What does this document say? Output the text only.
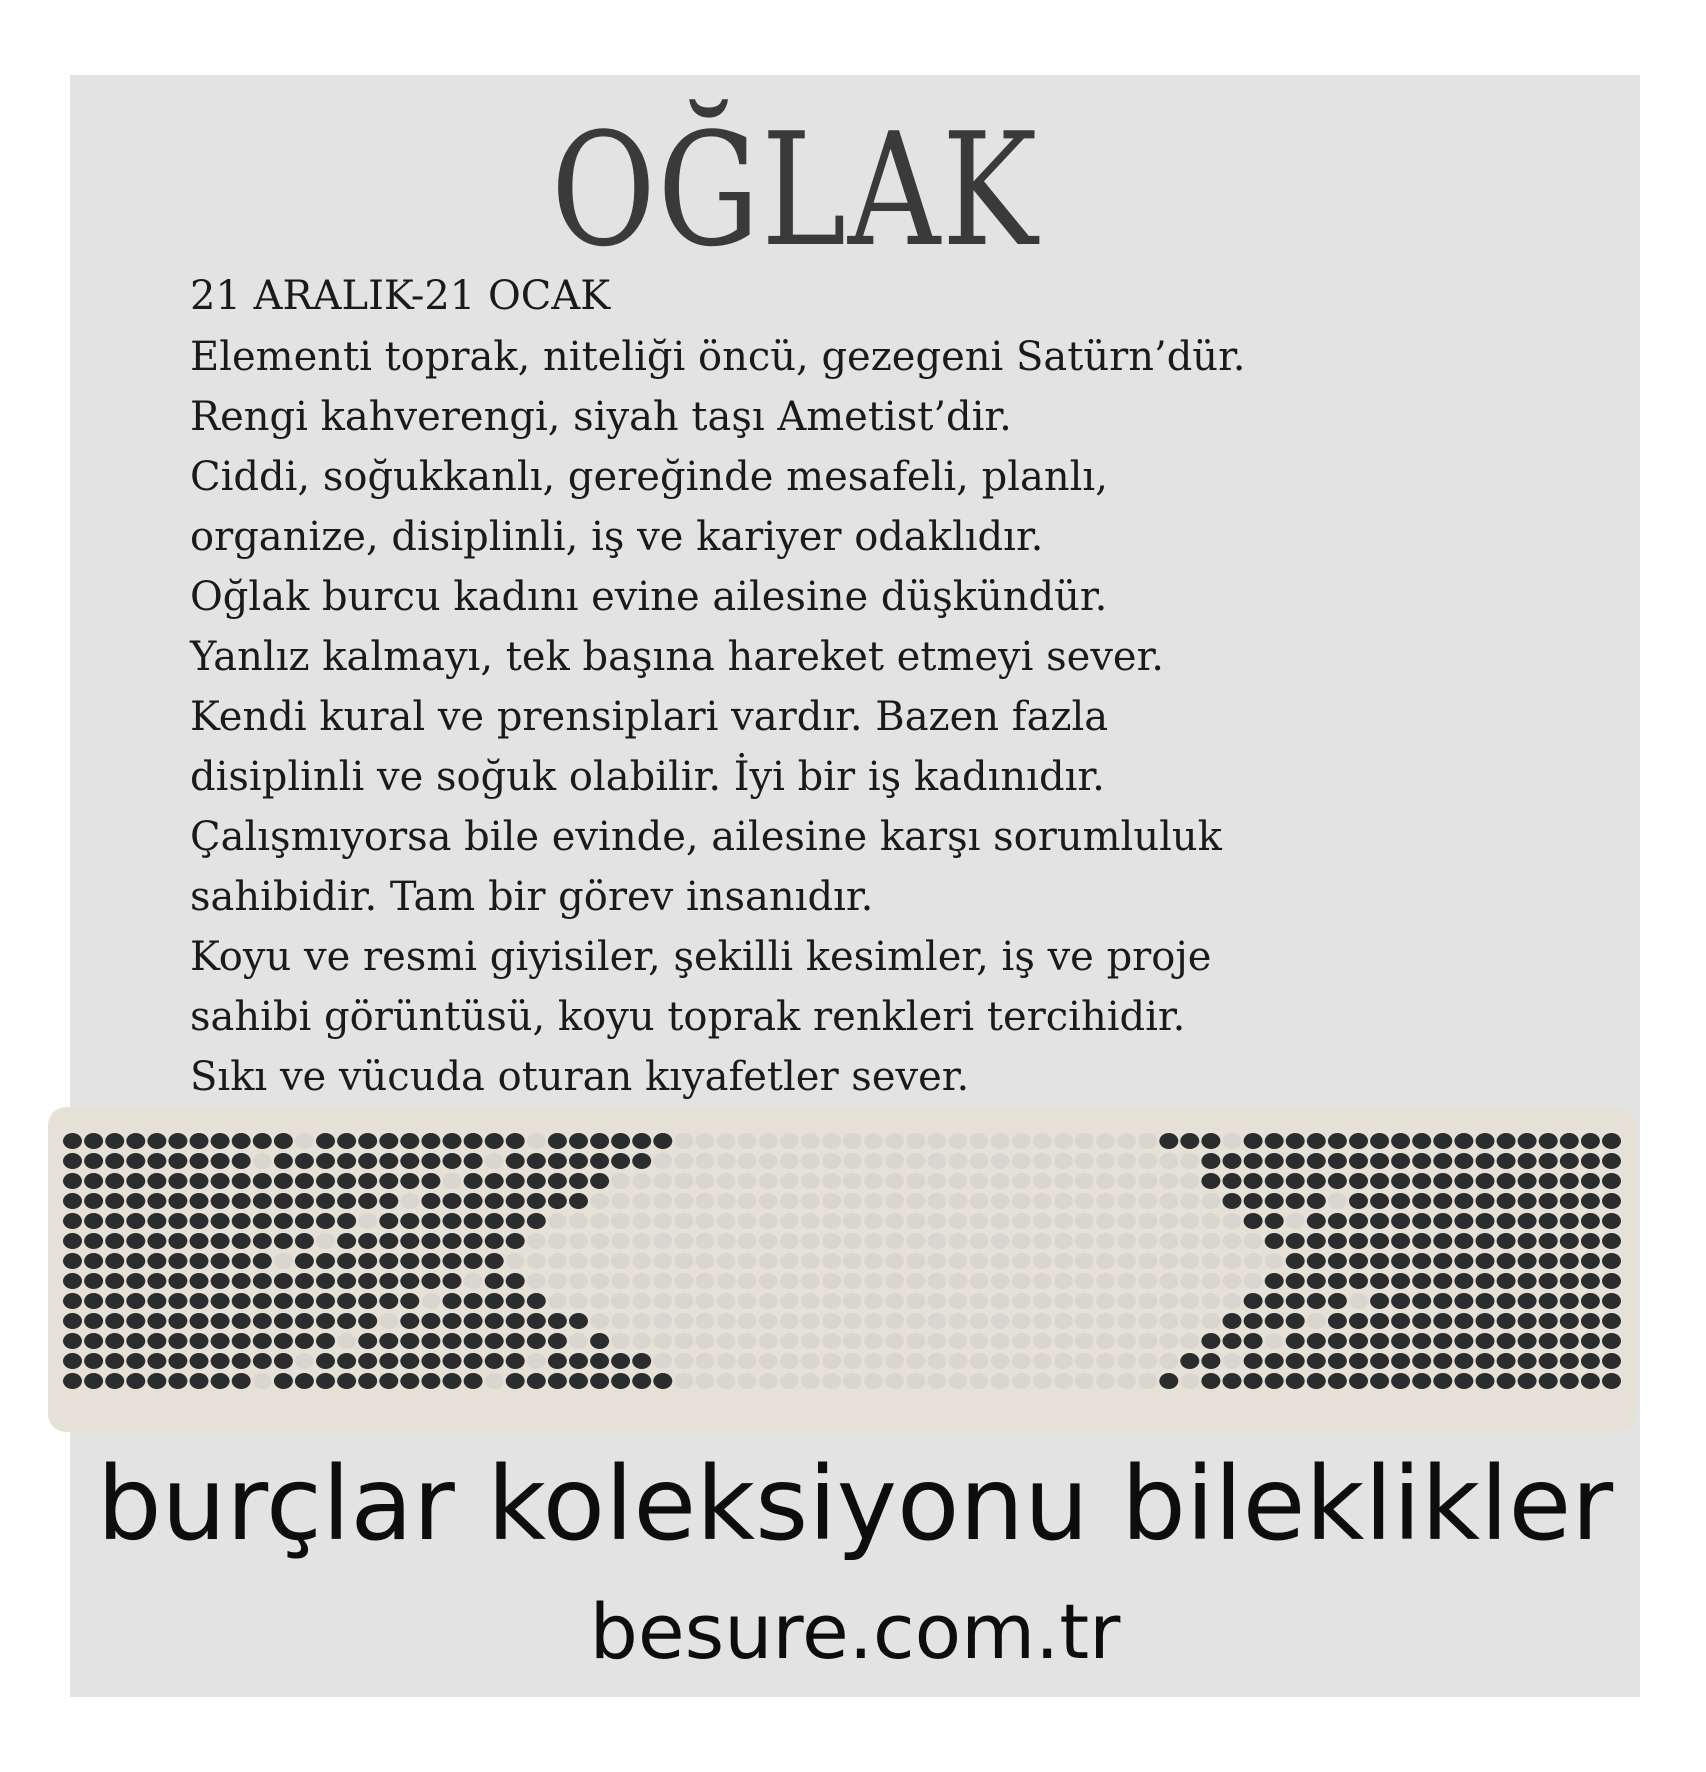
OĞLAK
21 ARALIK-21 OCAK
Elementi toprak, niteliği öncü, gezegeni Satürn’dür.
Rengi kahverengi, siyah taşı Ametist’dir.
Ciddi, soğukkanlı, gereğinde mesafeli, planlı,
organize, disiplinli, iş ve kariyer odaklıdır.
Oğlak burcu kadını evine ailesine düşkündür.
Yanlız kalmayı, tek başına hareket etmeyi sever.
Kendi kural ve prensiplari vardır. Bazen fazla
disiplinli ve soğuk olabilir. İyi bir iş kadınıdır.
Çalışmıyorsa bile evinde, ailesine karşı sorumluluk
sahibidir. Tam bir görev insanıdır.
Koyu ve resmi giyisiler, şekilli kesimler, iş ve proje
sahibi görüntüsü, koyu toprak renkleri tercihidir.
Sıkı ve vücuda oturan kıyafetler sever.
burçlar koleksiyonu bileklikler
besure.com.tr
